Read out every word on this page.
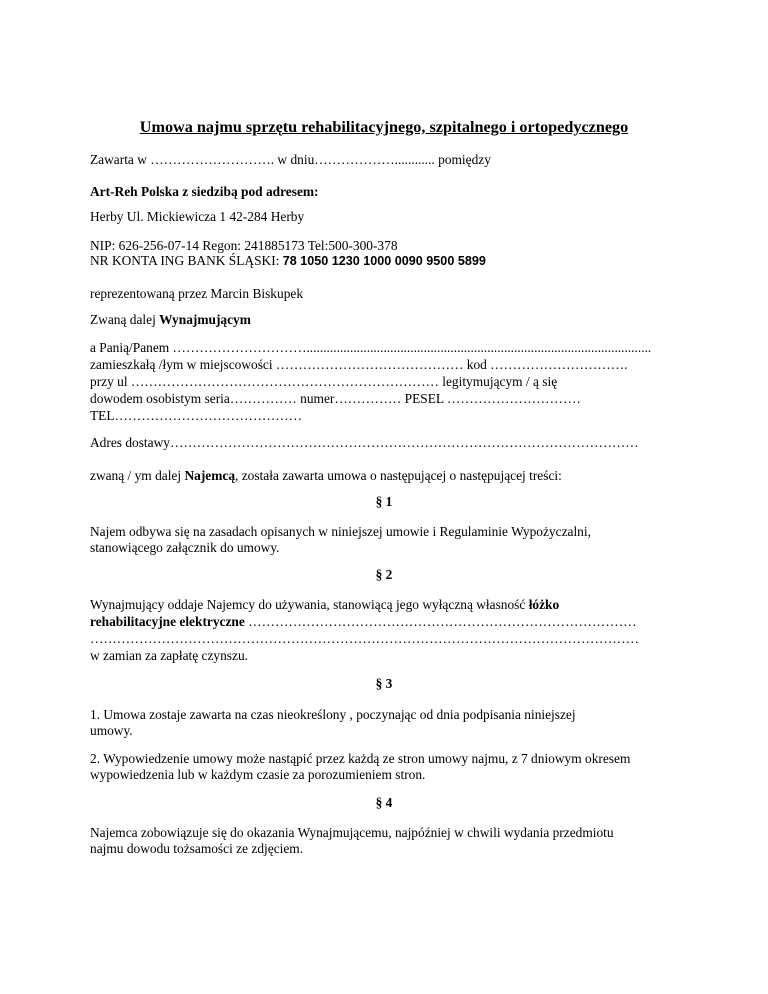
Umowa najmu sprzętu rehabilitacyjnego, szpitalnego i ortopedycznego
Zawarta w ………………………. w dniu………………............ pomiędzy
Art-Reh Polska z siedzibą pod adresem:
Herby Ul. Mickiewicza 1 42-284 Herby
NIP: 626-256-07-14 Regon: 241885173 Tel:500-300-378
NR KONTA ING BANK ŚLĄSKI: 78 1050 1230 1000 0090 9500 5899
reprezentowaną przez Marcin Biskupek
Zwaną dalej Wynajmującym
a Panią/Panem ………………………….......................................................................................................
zamieszkałą /łym w miejscowości …………………………………… kod ………………………….
przy ul …………………………………………………………… legitymującym / ą się
dowodem osobistym seria…………… numer…………… PESEL …………………………
TEL……………………………………
Adres dostawy……………………………………………………………………………………………
zwaną / ym dalej Najemcą, została zawarta umowa o następującej o następującej treści:
§ 1
Najem odbywa się na zasadach opisanych w niniejszej umowie i Regulaminie Wypożyczalni,
stanowiącego załącznik do umowy.
§ 2
Wynajmujący oddaje Najemcy do używania, stanowiącą jego wyłączną własność łóżko
rehabilitacyjne elektryczne ……………………………………………………………………………
……………………………………………………………………………………………………………
w zamian za zapłatę czynszu.
§ 3
1. Umowa zostaje zawarta na czas nieokreślony , poczynając od dnia podpisania niniejszej
umowy.
2. Wypowiedzenie umowy może nastąpić przez każdą ze stron umowy najmu, z 7 dniowym okresem
wypowiedzenia lub w każdym czasie za porozumieniem stron.
§ 4
Najemca zobowiązuje się do okazania Wynajmującemu, najpóźniej w chwili wydania przedmiotu
najmu dowodu tożsamości ze zdjęciem.
